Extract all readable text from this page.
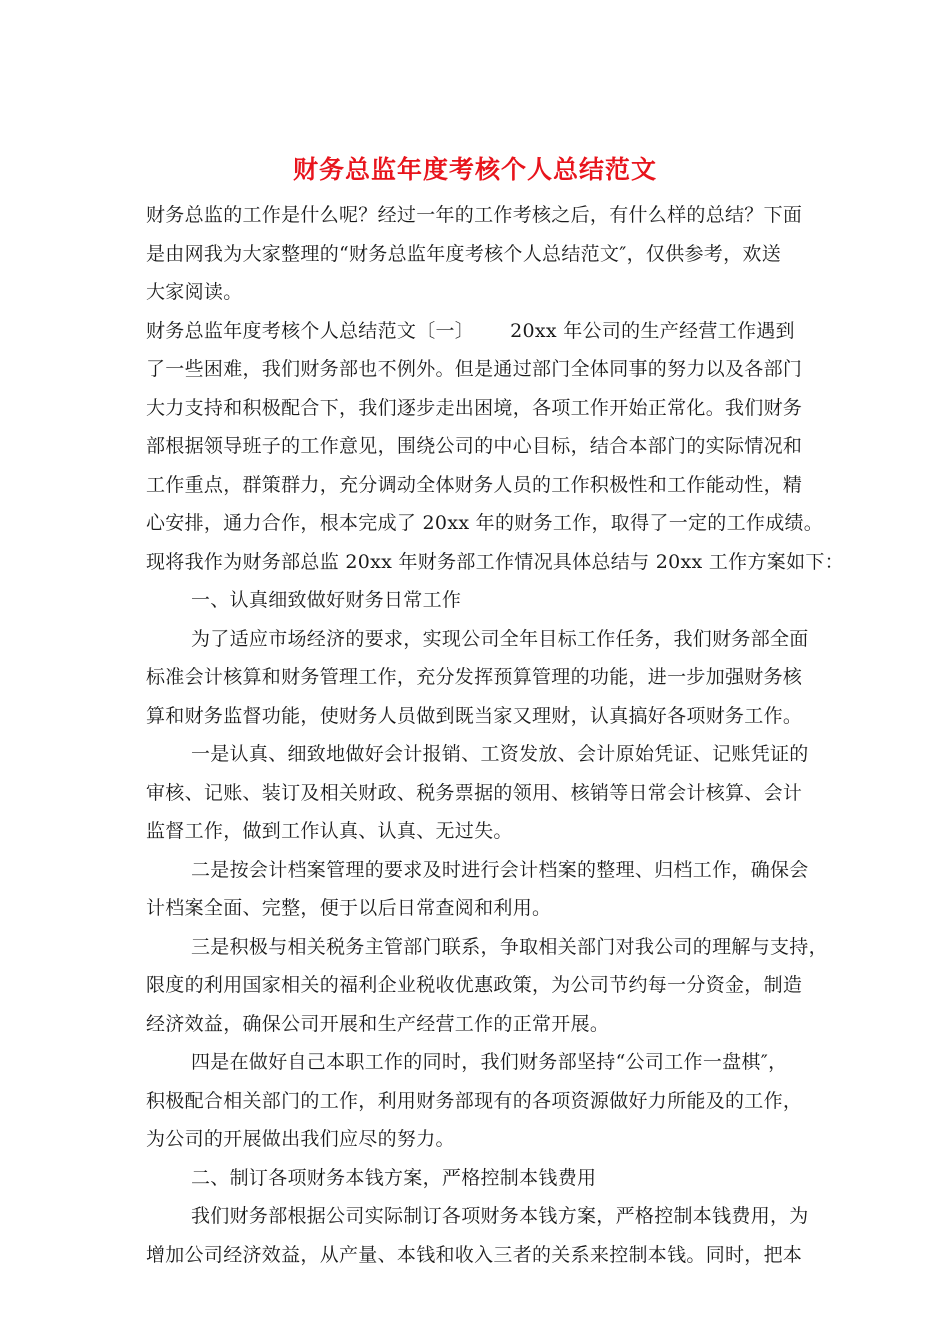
财务总监年度考核个人总结范文
财务总监的工作是什么呢？经过一年的工作考核之后，有什么样的总结？下面
是由网我为大家整理的“财务总监年度考核个人总结范文″，仅供参考，欢送
大家阅读。
财务总监年度考核个人总结范文〔一〕 20xx 年公司的生产经营工作遇到
了一些困难，我们财务部也不例外。但是通过部门全体同事的努力以及各部门
大力支持和积极配合下，我们逐步走出困境，各项工作开始正常化。我们财务
部根据领导班子的工作意见，围绕公司的中心目标，结合本部门的实际情况和
工作重点，群策群力，充分调动全体财务人员的工作积极性和工作能动性，精
心安排，通力合作，根本完成了 20xx 年的财务工作，取得了一定的工作成绩。
现将我作为财务部总监 20xx 年财务部工作情况具体总结与 20xx 工作方案如下：
一、认真细致做好财务日常工作
为了适应市场经济的要求，实现公司全年目标工作任务，我们财务部全面
标准会计核算和财务管理工作，充分发挥预算管理的功能，进一步加强财务核
算和财务监督功能，使财务人员做到既当家又理财，认真搞好各项财务工作。
一是认真、细致地做好会计报销、工资发放、会计原始凭证、记账凭证的
审核、记账、装订及相关财政、税务票据的领用、核销等日常会计核算、会计
监督工作，做到工作认真、认真、无过失。
二是按会计档案管理的要求及时进行会计档案的整理、归档工作，确保会
计档案全面、完整，便于以后日常查阅和利用。
三是积极与相关税务主管部门联系，争取相关部门对我公司的理解与支持，
限度的利用国家相关的福利企业税收优惠政策，为公司节约每一分资金，制造
经济效益，确保公司开展和生产经营工作的正常开展。
四是在做好自己本职工作的同时，我们财务部坚持“公司工作一盘棋″，
积极配合相关部门的工作，利用财务部现有的各项资源做好力所能及的工作，
为公司的开展做出我们应尽的努力。
二、制订各项财务本钱方案，严格控制本钱费用
我们财务部根据公司实际制订各项财务本钱方案，严格控制本钱费用，为
增加公司经济效益，从产量、本钱和收入三者的关系来控制本钱。同时，把本
